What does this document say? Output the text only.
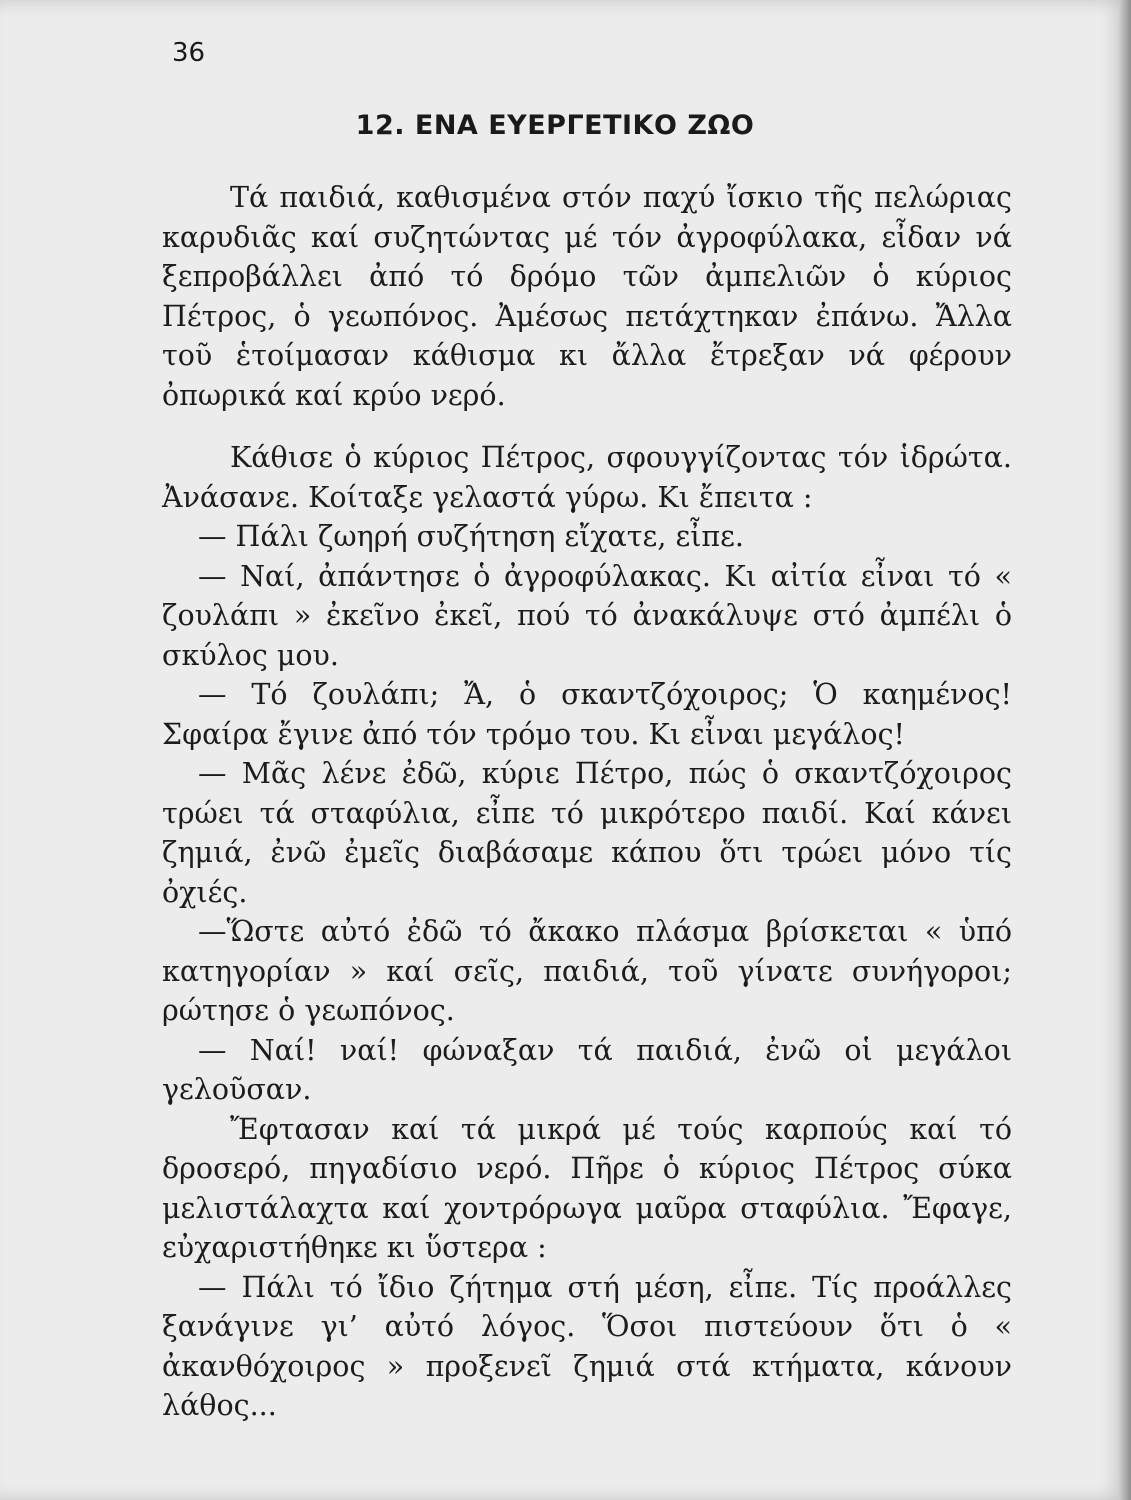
36

12. ΕΝΑ ΕΥΕΡΓΕΤΙΚΟ ΖΩΟ

Τά παιδιά, καθισμένα στόν παχύ ἴσκιο τῆς πελώριας καρυδιᾶς καί συζητώντας μέ τόν ἀγροφύλακα, εἶδαν νά ξεπροβάλλει ἀπό τό δρόμο τῶν ἀμπελιῶν ὁ κύριος Πέτρος, ὁ γεωπόνος. Ἀμέσως πετάχτηκαν ἐπάνω. Ἄλλα τοῦ ἑτοίμασαν κάθισμα κι ἄλλα ἔτρεξαν νά φέρουν ὀπωρικά καί κρύο νερό.

Κάθισε ὁ κύριος Πέτρος, σφουγγίζοντας τόν ἱδρώτα. Ἀνάσανε. Κοίταξε γελαστά γύρω. Κι ἔπειτα :

— Πάλι ζωηρή συζήτηση εἴχατε, εἶπε.

— Ναί, ἀπάντησε ὁ ἀγροφύλακας. Κι αἰτία εἶναι τό « ζουλάπι » ἐκεῖνο ἐκεῖ, πού τό ἀνακάλυψε στό ἀμπέλι ὁ σκύλος μου.

— Τό ζουλάπι; Ἄ, ὁ σκαντζόχοιρος; Ὁ καημένος! Σφαίρα ἔγινε ἀπό τόν τρόμο του. Κι εἶναι μεγάλος!

— Μᾶς λένε ἐδῶ, κύριε Πέτρο, πώς ὁ σκαντζόχοιρος τρώει τά σταφύλια, εἶπε τό μικρότερο παιδί. Καί κάνει ζημιά, ἐνῶ ἐμεῖς διαβάσαμε κάπου ὅτι τρώει μόνο τίς ὀχιές.

—Ὥστε αὐτό ἐδῶ τό ἄκακο πλάσμα βρίσκεται « ὑπό κατηγορίαν » καί σεῖς, παιδιά, τοῦ γίνατε συνήγοροι; ρώτησε ὁ γεωπόνος.

— Ναί! ναί! φώναξαν τά παιδιά, ἐνῶ οἱ μεγάλοι γελοῦσαν.

Ἔφτασαν καί τά μικρά μέ τούς καρπούς καί τό δροσερό, πηγαδίσιο νερό. Πῆρε ὁ κύριος Πέτρος σύκα μελιστάλαχτα καί χοντρόρωγα μαῦρα σταφύλια. Ἔφαγε, εὐχαριστήθηκε κι ὕστερα :

— Πάλι τό ἴδιο ζήτημα στή μέση, εἶπε. Τίς προάλλες ξανάγινε γι’ αὐτό λόγος. Ὅσοι πιστεύουν ὅτι ὁ « ἀκανθόχοιρος » προξενεῖ ζημιά στά κτήματα, κάνουν λάθος...
